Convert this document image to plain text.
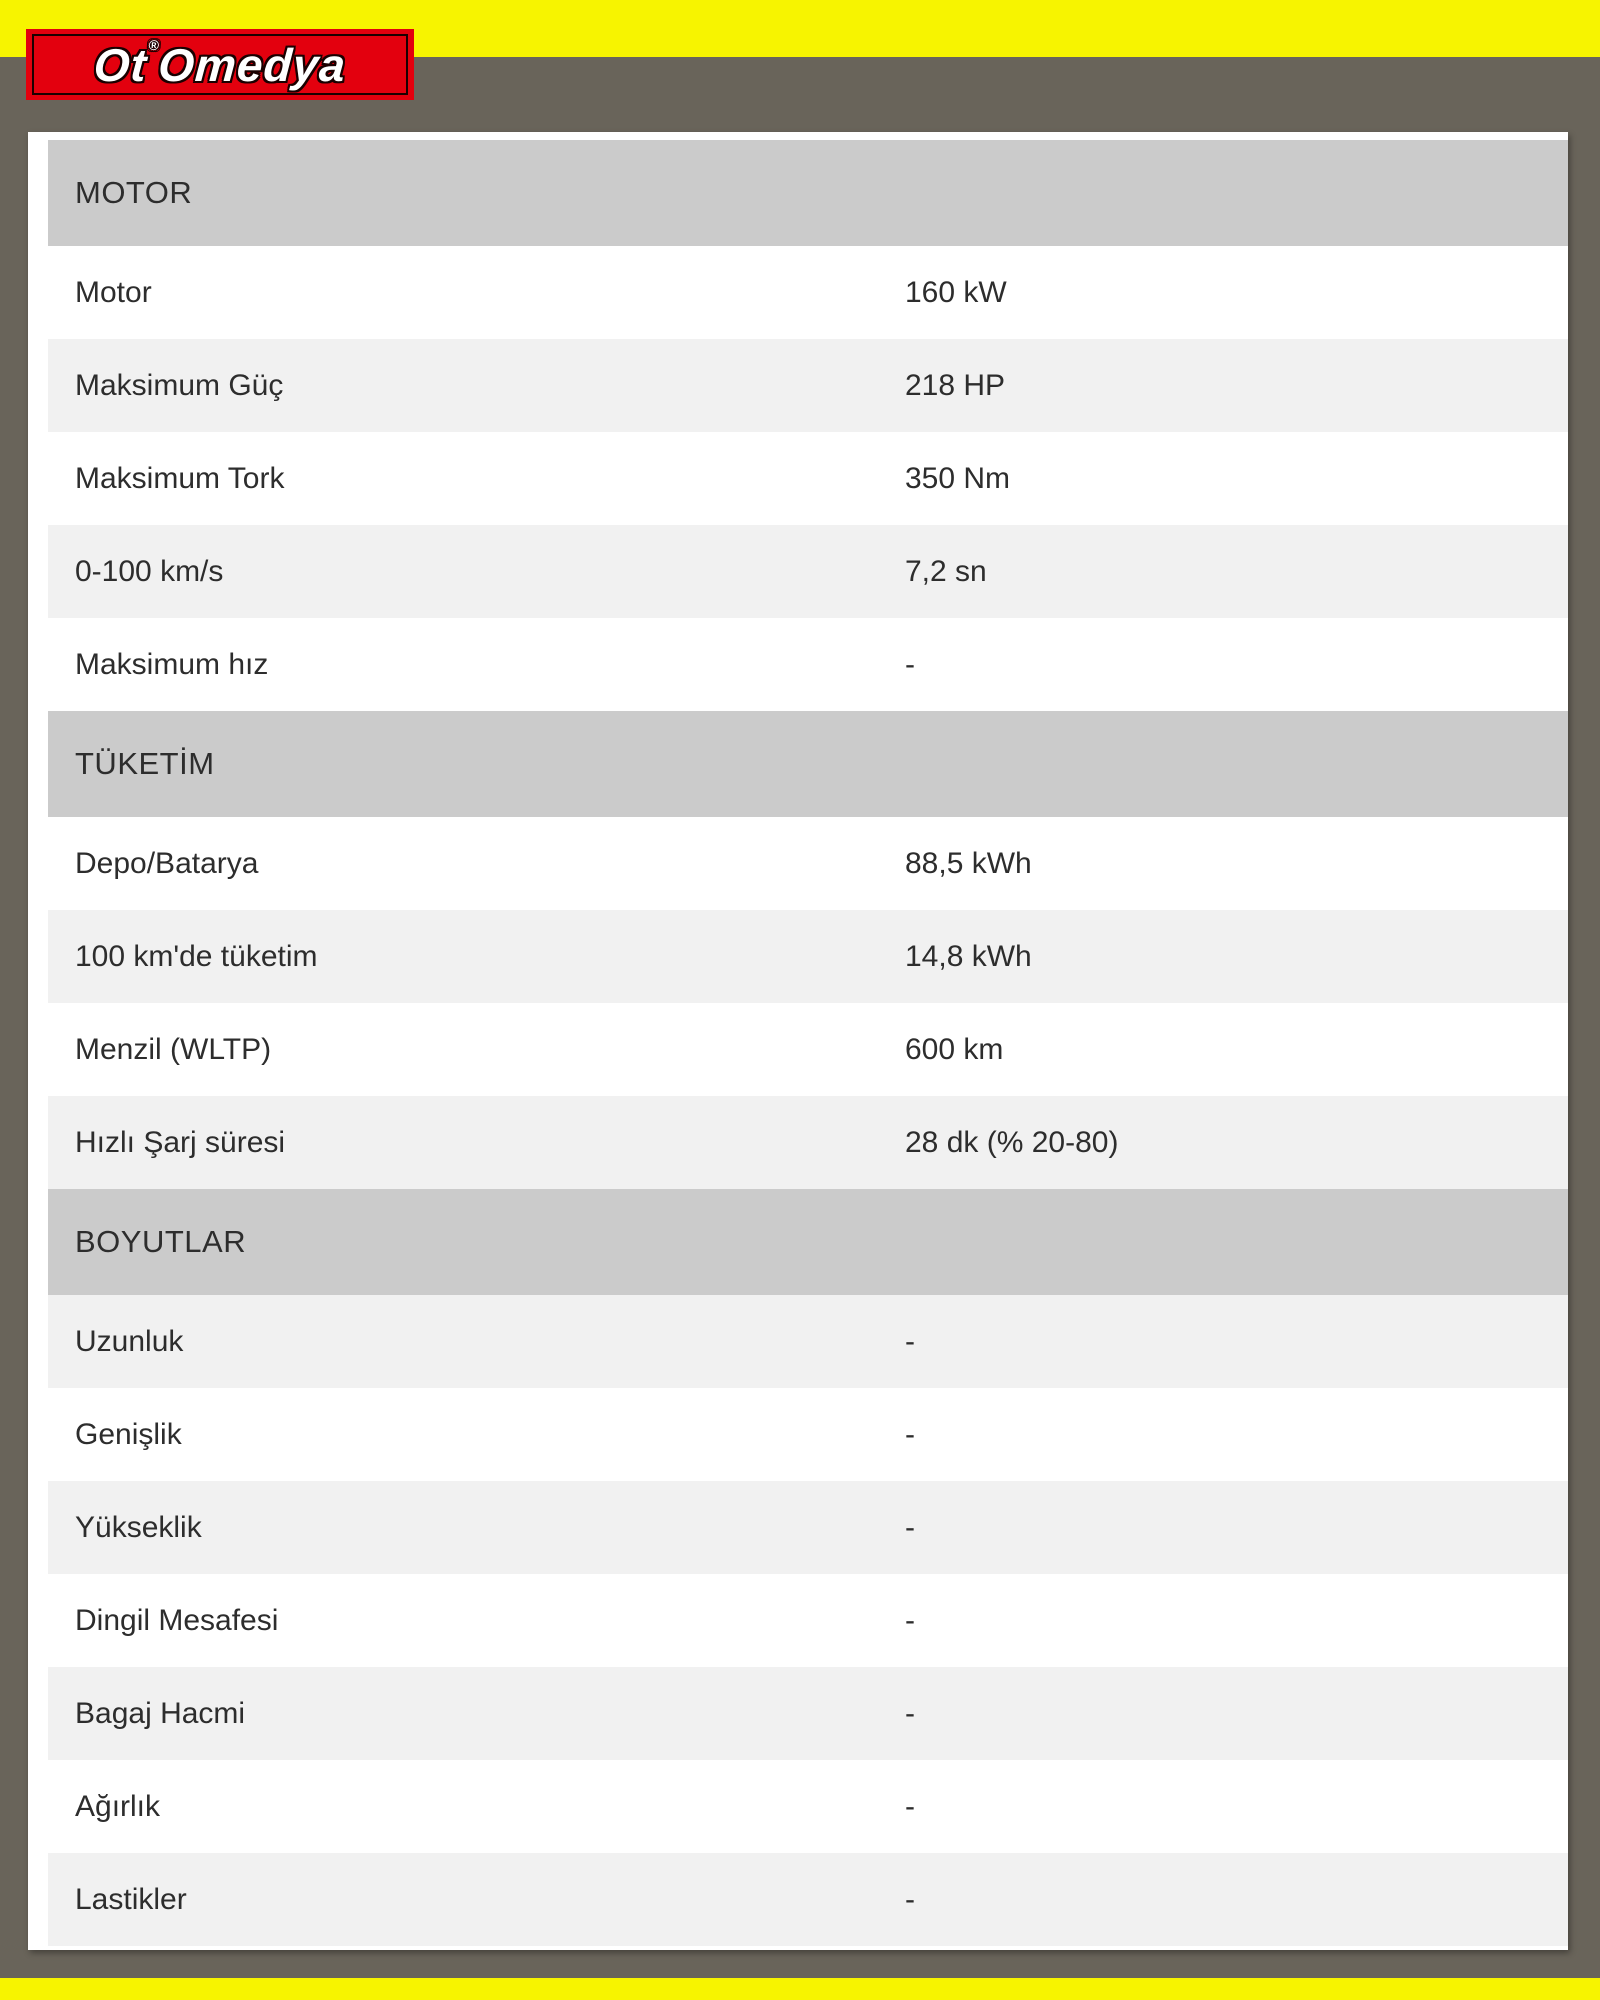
Ot®Omedya
MOTOR
Motor	160 kW
Maksimum Güç	218 HP
Maksimum Tork	350 Nm
0-100 km/s	7,2 sn
Maksimum hız	-
TÜKETİM
Depo/Batarya	88,5 kWh
100 km'de tüketim	14,8 kWh
Menzil (WLTP)	600 km
Hızlı Şarj süresi	28 dk (% 20-80)
BOYUTLAR
Uzunluk	-
Genişlik	-
Yükseklik	-
Dingil Mesafesi	-
Bagaj Hacmi	-
Ağırlık	-
Lastikler	-
